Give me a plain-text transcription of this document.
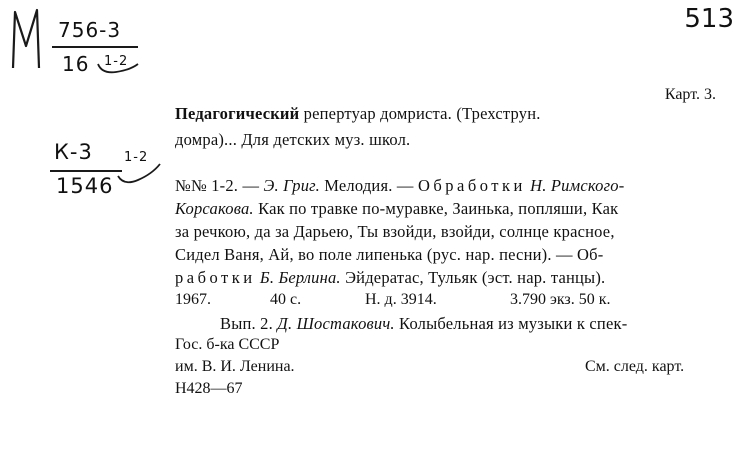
756-3
16 1-2
К-3
1546
1-2
513
Карт. 3.
Педагогический репертуар домриста. (Трехструн.
домра)... Для детских муз. школ.
№№ 1-2. — Э. Григ. Мелодия. — Обработки Н. Римского-
Корсакова. Как по травке по-муравке, Заинька, попляши, Как
за речкою, да за Дарьею, Ты взойди, взойди, солнце красное,
Сидел Ваня, Ай, во поле липенька (рус. нар. песни). — Об-
работки Б. Берлина. Эйдератас, Тульяк (эст. нар. танцы).
1967.	40 с.	Н. д. 3914.	3.790 экз. 50 к.
Вып. 2. Д. Шостакович. Колыбельная из музыки к спек-
Гос. б-ка СССР
им. В. И. Ленина.	См. след. карт.
Н428—67
